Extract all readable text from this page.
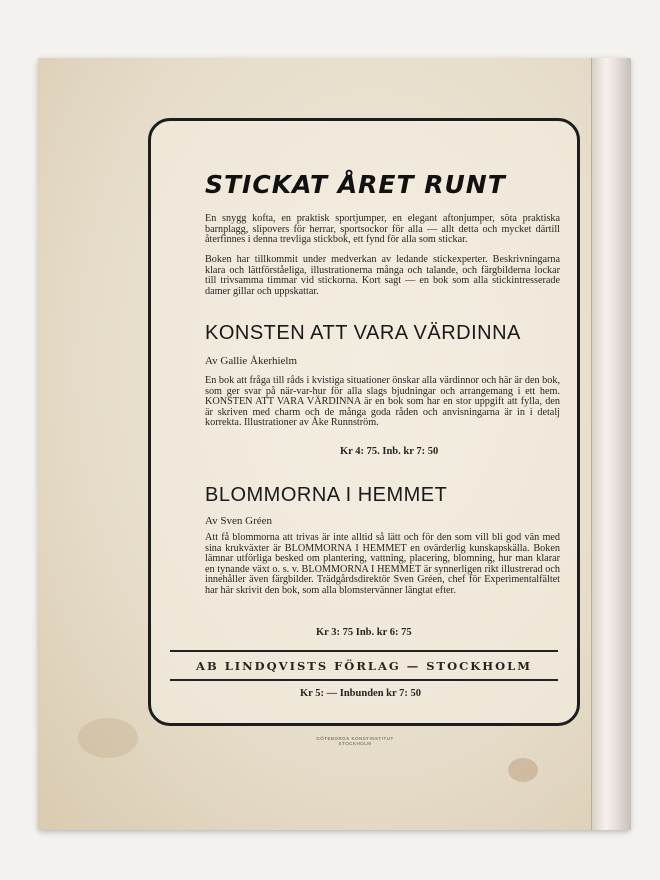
STICKAT ÅRET RUNT
En snygg kofta, en praktisk sportjumper, en elegant aftonjumper, söta praktiska barnplagg, slipovers för herrar, sportsockor för alla — allt detta och mycket därtill återfinnes i denna trevliga stickbok, ett fynd för alla som stickar.
Boken har tillkommit under medverkan av ledande stickexperter. Beskrivningarna klara och lättförståeliga, illustrationerna många och talande, och färgbilderna lockar till trivsamma timmar vid stickorna. Kort sagt — en bok som alla stickintresserade damer gillar och uppskattar.
KONSTEN ATT VARA VÄRDINNA
Av Gallie Åkerhielm
En bok att fråga till råds i kvistiga situationer önskar alla värdinnor och här är den bok, som ger svar på när-var-hur för alla slags bjudningar och arrangemang i ett hem. KONSTEN ATT VARA VÄRDINNA är en bok som har en stor uppgift att fylla, den är skriven med charm och de många goda råden och anvisningarna är in i detalj korrekta. Illustrationer av Åke Runnström.
Kr 4: 75. Inb. kr 7: 50
BLOMMORNA I HEMMET
Av Sven Gréen
Att få blommorna att trivas är inte alltid så lätt och för den som vill bli god vän med sina krukväxter är BLOMMORNA I HEMMET en ovärderlig kunskapskälla. Boken lämnar utförliga besked om plantering, vattning, placering, blomning, hur man klarar en tynande växt o. s. v. BLOMMORNA I HEMMET är synnerligen rikt illustrerad och innehåller även färgbilder. Trädgårdsdirektör Sven Gréen, chef för Experimentalfältet har här skrivit den bok, som alla blomstervänner längtat efter.
Kr 3: 75 Inb. kr 6: 75
AB LINDQVISTS FÖRLAG — STOCKHOLM
Kr 5: — Inbunden kr 7: 50
GÖTEBORGS KONSTINSTITUT
STOCKHOLM
